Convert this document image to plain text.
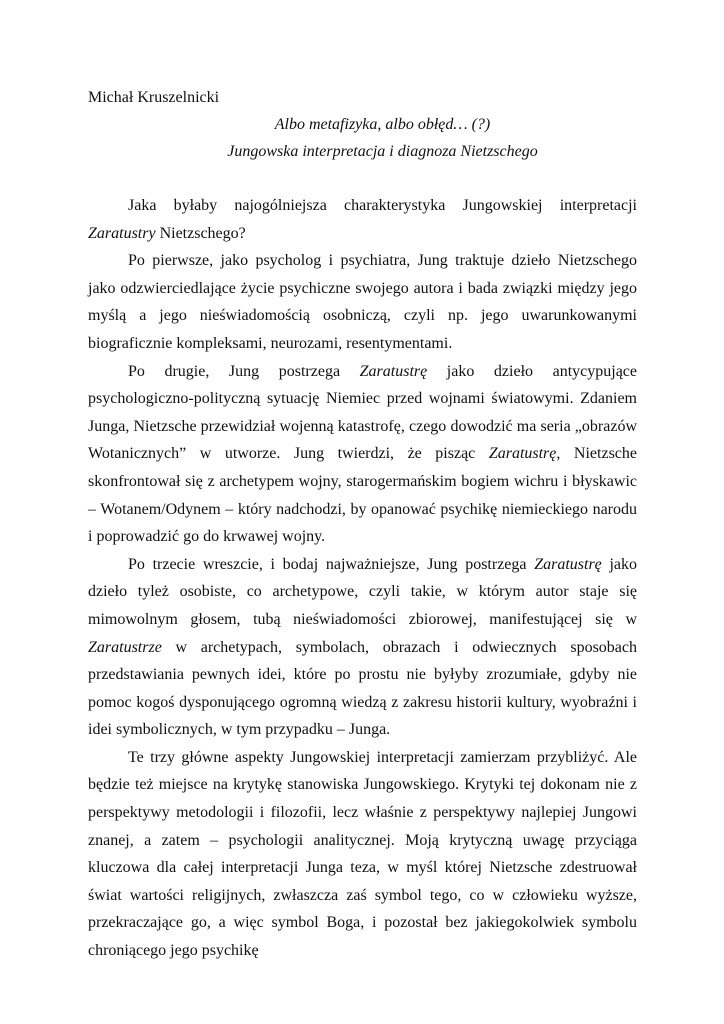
Michał Kruszelnicki

Albo metafizyka, albo obłęd… (?)

Jungowska interpretacja i diagnoza Nietzschego

Jaka byłaby najogólniejsza charakterystyka Jungowskiej interpretacji Zaratustry Nietzschego?

Po pierwsze, jako psycholog i psychiatra, Jung traktuje dzieło Nietzschego jako odzwierciedlające życie psychiczne swojego autora i bada związki między jego myślą a jego nieświadomością osobniczą, czyli np. jego uwarunkowanymi biograficznie kompleksami, neurozami, resentymentami.

Po drugie, Jung postrzega Zaratustrę jako dzieło antycypujące psychologiczno-polityczną sytuację Niemiec przed wojnami światowymi. Zdaniem Junga, Nietzsche przewidział wojenną katastrofę, czego dowodzić ma seria „obrazów Wotanicznych” w utworze. Jung twierdzi, że pisząc Zaratustrę, Nietzsche skonfrontował się z archetypem wojny, starogermańskim bogiem wichru i błyskawic – Wotanem/Odynem – który nadchodzi, by opanować psychikę niemieckiego narodu i poprowadzić go do krwawej wojny.

Po trzecie wreszcie, i bodaj najważniejsze, Jung postrzega Zaratustrę jako dzieło tyleż osobiste, co archetypowe, czyli takie, w którym autor staje się mimowolnym głosem, tubą nieświadomości zbiorowej, manifestującej się w Zaratustrze w archetypach, symbolach, obrazach i odwiecznych sposobach przedstawiania pewnych idei, które po prostu nie byłyby zrozumiałe, gdyby nie pomoc kogoś dysponującego ogromną wiedzą z zakresu historii kultury, wyobraźni i idei symbolicznych, w tym przypadku – Junga.

Te trzy główne aspekty Jungowskiej interpretacji zamierzam przybliżyć. Ale będzie też miejsce na krytykę stanowiska Jungowskiego. Krytyki tej dokonam nie z perspektywy metodologii i filozofii, lecz właśnie z perspektywy najlepiej Jungowi znanej, a zatem – psychologii analitycznej. Moją krytyczną uwagę przyciąga kluczowa dla całej interpretacji Junga teza, w myśl której Nietzsche zdestruował świat wartości religijnych, zwłaszcza zaś symbol tego, co w człowieku wyższe, przekraczające go, a więc symbol Boga, i pozostał bez jakiegokolwiek symbolu chroniącego jego psychikę
